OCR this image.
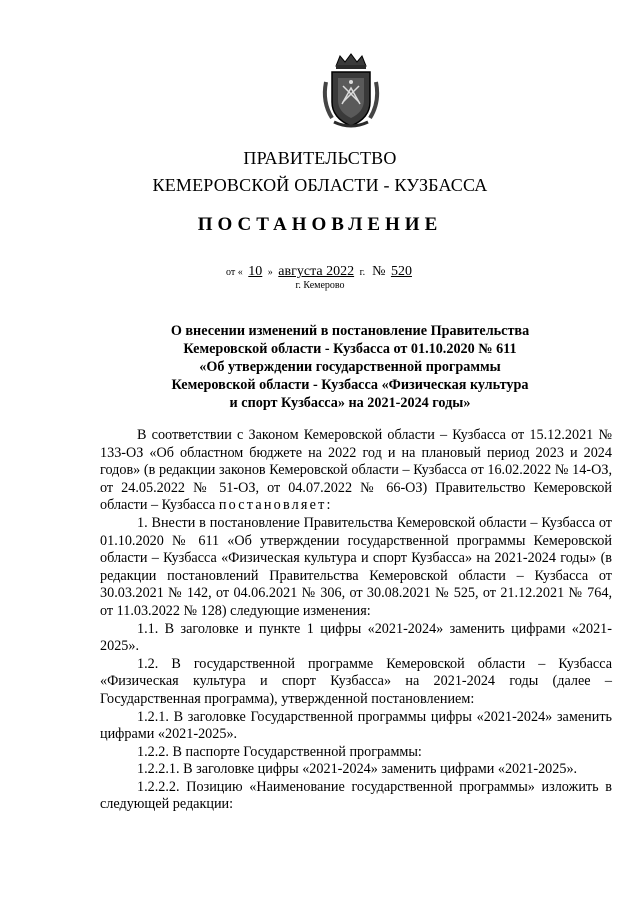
ПРАВИТЕЛЬСТВО
КЕМЕРОВСКОЙ ОБЛАСТИ - КУЗБАССА
ПОСТАНОВЛЕНИЕ
от « 10 » августа 2022 г. № 520
г. Кемерово
О внесении изменений в постановление Правительства
Кемеровской области - Кузбасса от 01.10.2020 № 611
«Об утверждении государственной программы
Кемеровской области - Кузбасса «Физическая культура
и спорт Кузбасса» на 2021-2024 годы»

В соответствии с Законом Кемеровской области – Кузбасса от 15.12.2021 № 133-ОЗ «Об областном бюджете на 2022 год и на плановый период 2023 и 2024 годов» (в редакции законов Кемеровской области – Кузбасса от 16.02.2022 № 14-ОЗ, от 24.05.2022 № 51-ОЗ, от 04.07.2022 № 66-ОЗ) Правительство Кемеровской области – Кузбасса постановляет:

1. Внести в постановление Правительства Кемеровской области – Кузбасса от 01.10.2020 № 611 «Об утверждении государственной программы Кемеровской области – Кузбасса «Физическая культура и спорт Кузбасса» на 2021-2024 годы» (в редакции постановлений Правительства Кемеровской области – Кузбасса от 30.03.2021 № 142, от 04.06.2021 № 306, от 30.08.2021 № 525, от 21.12.2021 № 764, от 11.03.2022 № 128) следующие изменения:

1.1. В заголовке и пункте 1 цифры «2021-2024» заменить цифрами «2021-2025».

1.2. В государственной программе Кемеровской области – Кузбасса «Физическая культура и спорт Кузбасса» на 2021-2024 годы (далее – Государственная программа), утвержденной постановлением:

1.2.1. В заголовке Государственной программы цифры «2021-2024» заменить цифрами «2021-2025».

1.2.2. В паспорте Государственной программы:

1.2.2.1. В заголовке цифры «2021-2024» заменить цифрами «2021-2025».

1.2.2.2. Позицию «Наименование государственной программы» изложить в следующей редакции:
